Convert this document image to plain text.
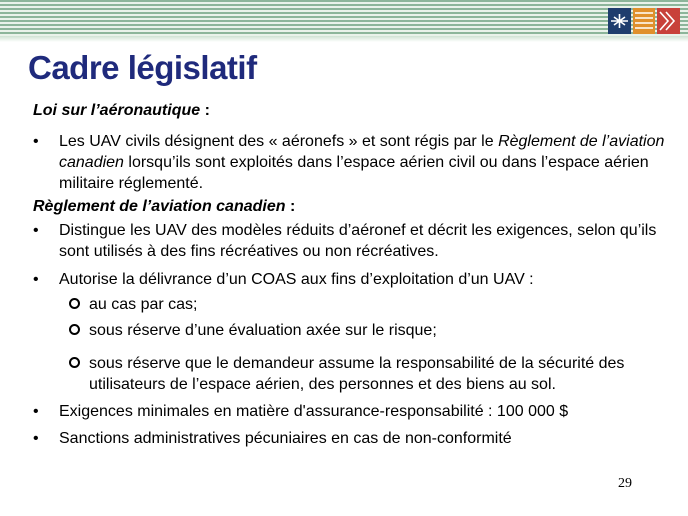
Cadre législatif

Loi sur l’aéronautique :

• Les UAV civils désignent des « aéronefs » et sont régis par le Règlement de l’aviation canadien lorsqu’ils sont exploités dans l’espace aérien civil ou dans l’espace aérien militaire réglementé.

Règlement de l’aviation canadien :

• Distingue les UAV des modèles réduits d’aéronef et décrit les exigences, selon qu’ils sont utilisés à des fins récréatives ou non récréatives.
• Autorise la délivrance d’un COAS aux fins d’exploitation d’un UAV :
au cas par cas;
sous réserve d’une évaluation axée sur le risque;
sous réserve que le demandeur assume la responsabilité de la sécurité des utilisateurs de l’espace aérien, des personnes et des biens au sol.
• Exigences minimales en matière d'assurance-responsabilité : 100 000 $
• Sanctions administratives pécuniaires en cas de non-conformité
29
